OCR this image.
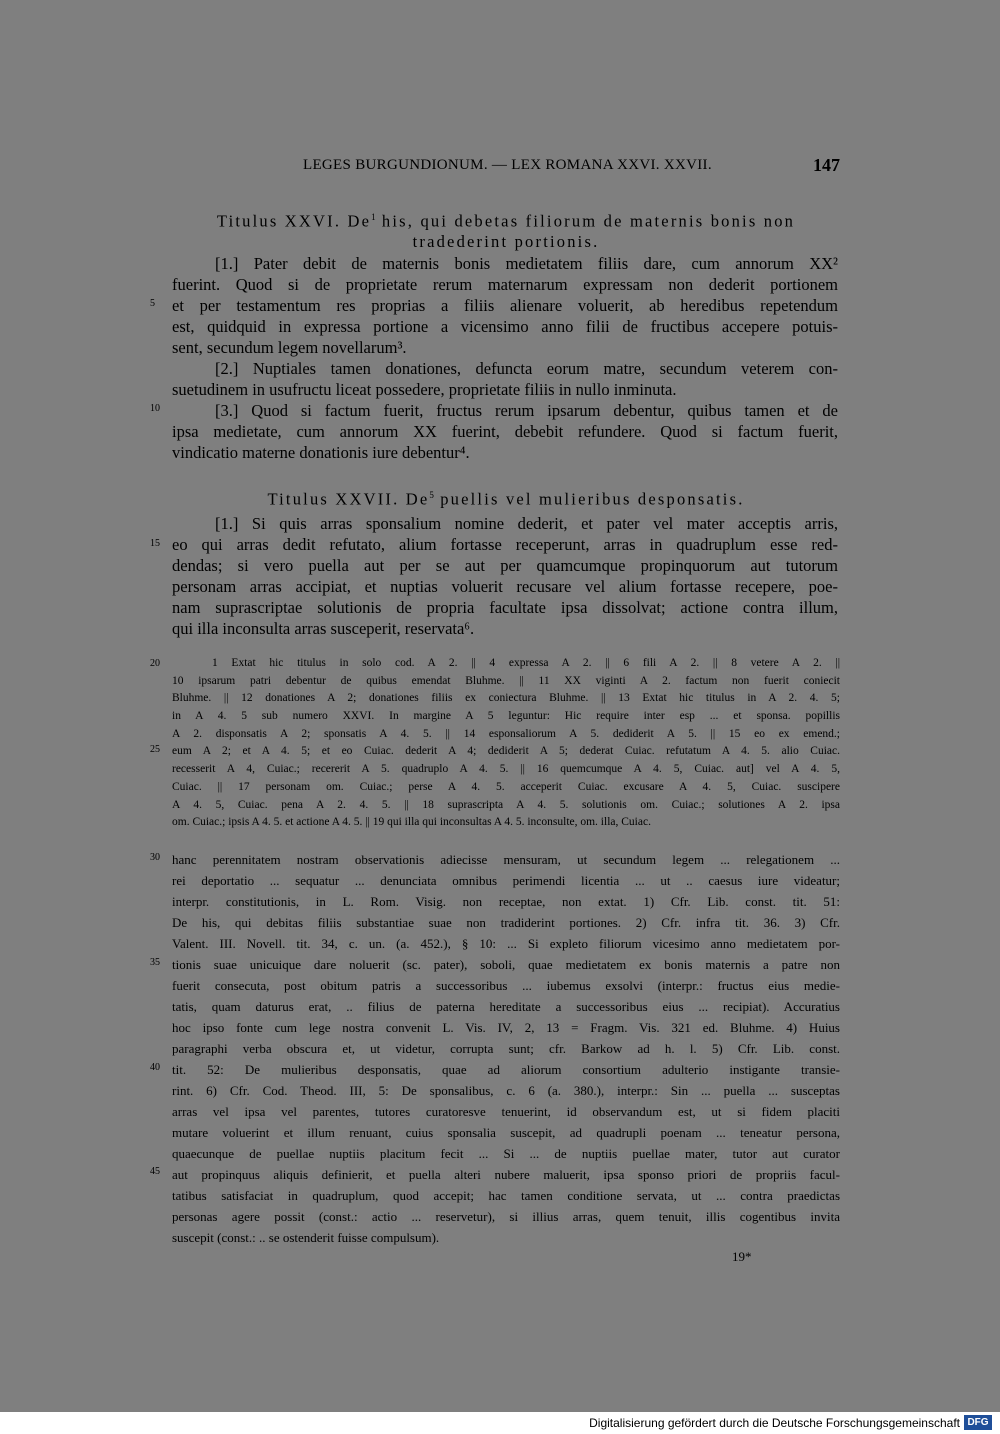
LEGES BURGUNDIONUM. — LEX ROMANA XXVI. XXVII.	147
Titulus XXVI. De$^1$ his, qui debetas filiorum de maternis bonis non
tradederint portionis.
[1.] Pater debit de maternis bonis medietatem filiis dare, cum annorum XX²
fuerint. Quod si de proprietate rerum maternarum expressam non dederit portionem
et per testamentum res proprias a filiis alienare voluerit, ab heredibus repetendum
est, quidquid in expressa portione a vicensimo anno filii de fructibus accepere potuis-
sent, secundum legem novellarum³.
[2.] Nuptiales tamen donationes, defuncta eorum matre, secundum veterem con-
suetudinem in usufructu liceat possedere, proprietate filiis in nullo inminuta.
[3.] Quod si factum fuerit, fructus rerum ipsarum debentur, quibus tamen et de
ipsa medietate, cum annorum XX fuerint, debebit refundere. Quod si factum fuerit,
vindicatio materne donationis iure debentur⁴.
Titulus XXVII. De$^5$ puellis vel mulieribus desponsatis.
[1.] Si quis arras sponsalium nomine dederit, et pater vel mater acceptis arris,
eo qui arras dedit refutato, alium fortasse receperunt, arras in quadruplum esse red-
dendas; si vero puella aut per se aut per quamcumque propinquorum aut tutorum
personam arras accipiat, et nuptias voluerit recusare vel alium fortasse recepere, poe-
nam suprascriptae solutionis de propria facultate ipsa dissolvat; actione contra illum,
qui illa inconsulta arras susceperit, reservata⁶.
5
10
15
20
25
30
35
40
45
1 Extat hic titulus in solo cod. A 2. || 4 expressa A 2. || 6 fili A 2. || 8 vetere A 2. ||
10 ipsarum patri debentur de quibus emendat Bluhme. || 11 XX viginti A 2. factum non fuerit coniecit
Bluhme. || 12 donationes A 2; donationes filiis ex coniectura Bluhme. || 13 Extat hic titulus in A 2. 4. 5;
in A 4. 5 sub numero XXVI. In margine A 5 leguntur: Hic require inter esp ... et sponsa. popillis
A 2. disponsatis A 2; sponsatis A 4. 5. || 14 esponsaliorum A 5. dediderit A 5. || 15 eo ex emend.;
eum A 2; et A 4. 5; et eo Cuiac. dederit A 4; dediderit A 5; dederat Cuiac. refutatum A 4. 5. alio Cuiac.
recesserit A 4, Cuiac.; recererit A 5. quadruplo A 4. 5. || 16 quemcumque A 4. 5, Cuiac. aut] vel A 4. 5,
Cuiac. || 17 personam om. Cuiac.; perse A 4. 5. acceperit Cuiac. excusare A 4. 5, Cuiac. suscipere
A 4. 5, Cuiac. pena A 2. 4. 5. || 18 suprascripta A 4. 5. solutionis om. Cuiac.; solutiones A 2. ipsa
om. Cuiac.; ipsis A 4. 5. et actione A 4. 5. || 19 qui illa qui inconsultas A 4. 5. inconsulte, om. illa, Cuiac.
hanc perennitatem nostram observationis adiecisse mensuram, ut secundum legem ... relegationem ...
rei deportatio ... sequatur ... denunciata omnibus perimendi licentia ... ut .. caesus iure videatur;
interpr. constitutionis, in L. Rom. Visig. non receptae, non extat. 1) Cfr. Lib. const. tit. 51:
De his, qui debitas filiis substantiae suae non tradiderint portiones. 2) Cfr. infra tit. 36. 3) Cfr.
Valent. III. Novell. tit. 34, c. un. (a. 452.), § 10: ... Si expleto filiorum vicesimo anno medietatem por-
tionis suae unicuique dare noluerit (sc. pater), soboli, quae medietatem ex bonis maternis a patre non
fuerit consecuta, post obitum patris a successoribus ... iubemus exsolvi (interpr.: fructus eius medie-
tatis, quam daturus erat, .. filius de paterna hereditate a successoribus eius ... recipiat). Accuratius
hoc ipso fonte cum lege nostra convenit L. Vis. IV, 2, 13 = Fragm. Vis. 321 ed. Bluhme. 4) Huius
paragraphi verba obscura et, ut videtur, corrupta sunt; cfr. Barkow ad h. l. 5) Cfr. Lib. const.
tit. 52: De mulieribus desponsatis, quae ad aliorum consortium adulterio instigante transie-
rint. 6) Cfr. Cod. Theod. III, 5: De sponsalibus, c. 6 (a. 380.), interpr.: Sin ... puella ... susceptas
arras vel ipsa vel parentes, tutores curatoresve tenuerint, id observandum est, ut si fidem placiti
mutare voluerint et illum renuant, cuius sponsalia suscepit, ad quadrupli poenam ... teneatur persona,
quaecunque de puellae nuptiis placitum fecit ... Si ... de nuptiis puellae mater, tutor aut curator
aut propinquus aliquis definierit, et puella alteri nubere maluerit, ipsa sponso priori de propriis facul-
tatibus satisfaciat in quadruplum, quod accepit; hac tamen conditione servata, ut ... contra praedictas
personas agere possit (const.: actio ... reservetur), si illius arras, quem tenuit, illis cogentibus invita
suscepit (const.: .. se ostenderit fuisse compulsum).
19*
Digitalisierung gefördert durch die Deutsche Forschungsgemeinschaft DFG
